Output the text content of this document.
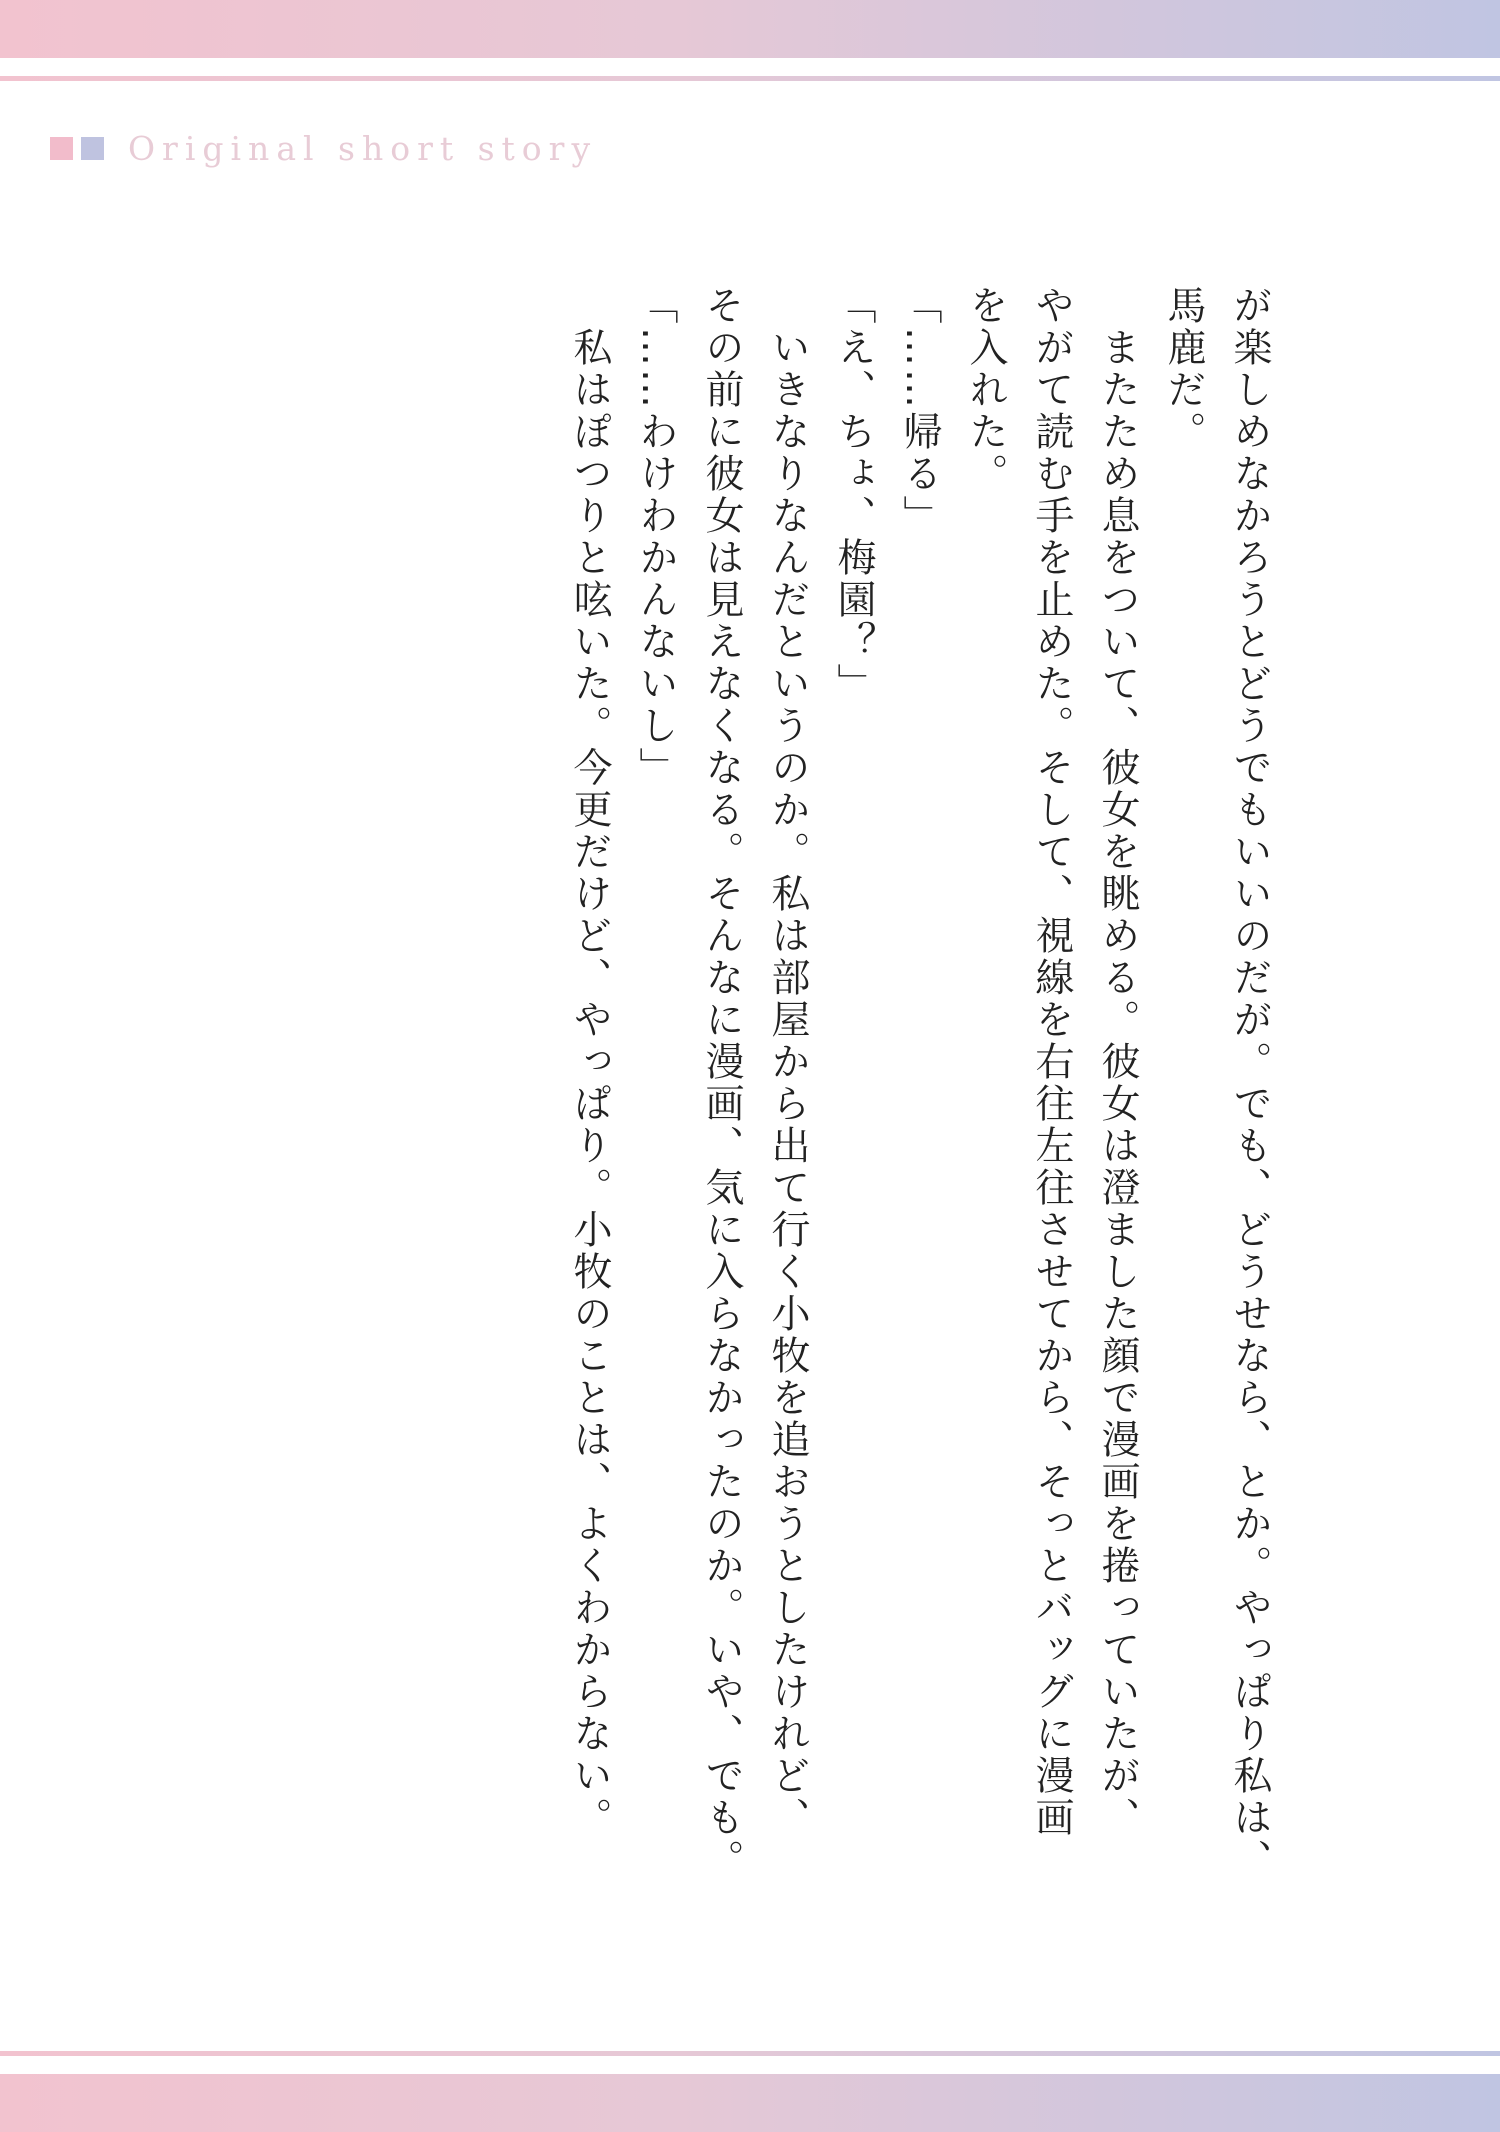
Original short story

が楽しめなかろうとどうでもいいのだが。でも、どうせなら、とか。やっぱり私は、

馬鹿だ。

　またため息をついて、彼女を眺める。彼女は澄ました顔で漫画を捲っていたが、

やがて読む手を止めた。そして、視線を右往左往させてから、そっとバッグに漫画

を入れた。

「……帰る」

「え、ちょ、梅園？」

　いきなりなんだというのか。私は部屋から出て行く小牧を追おうとしたけれど、

その前に彼女は見えなくなる。そんなに漫画、気に入らなかったのか。いや、でも。

「……わけわかんないし」

　私はぽつりと呟いた。今更だけど、やっぱり。小牧のことは、よくわからない。
